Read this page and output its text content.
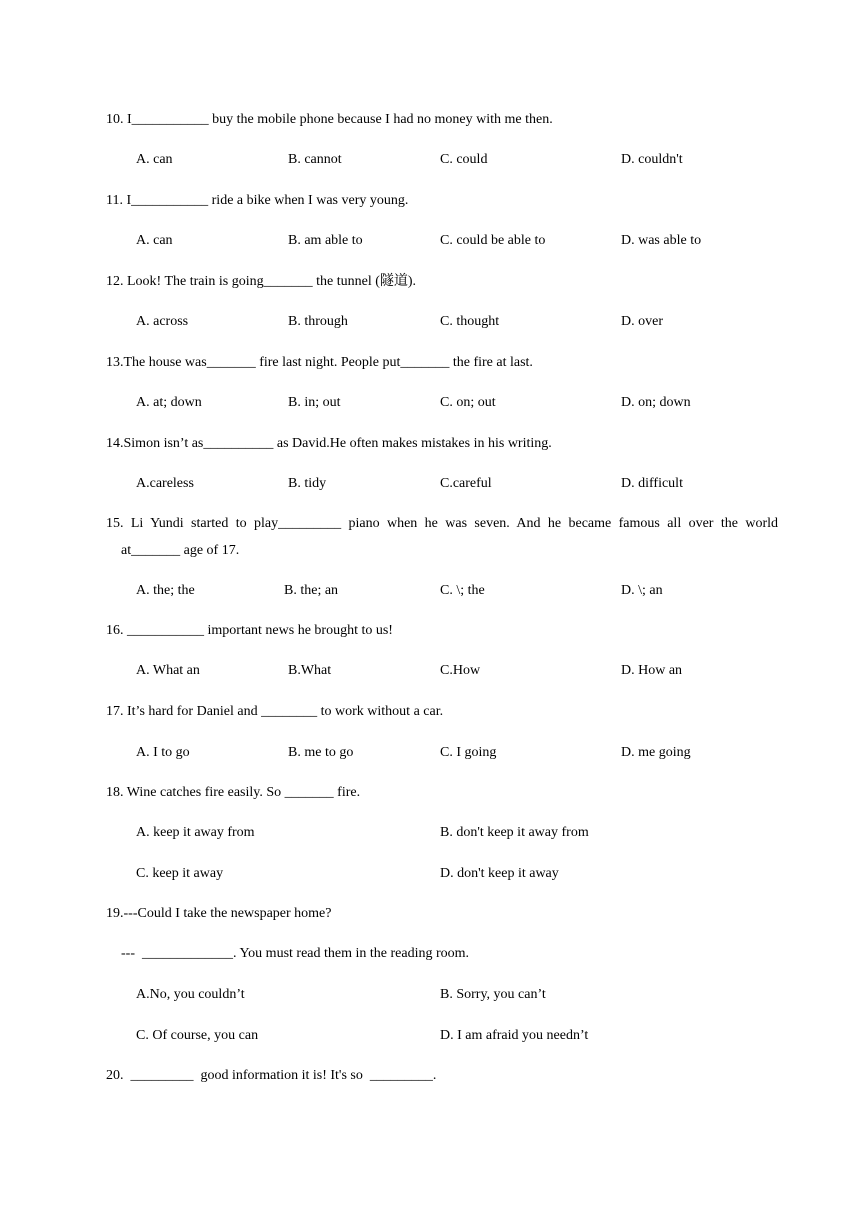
10. I___________ buy the mobile phone because I had no money with me then.
A. can	B. cannot	C. could	D. couldn't
11. I___________ ride a bike when I was very young.
A. can	B. am able to	C. could be able to	D. was able to
12. Look! The train is going_______ the tunnel (隧道).
A. across	B. through	C. thought	D. over
13.The house was_______ fire last night. People put_______ the fire at last.
A. at; down	B. in; out	C. on; out	D. on; down
14.Simon isn’t as__________ as David.He often makes mistakes in his writing.
A.careless	B. tidy	C.careful	D. difficult
15. Li Yundi started to play_________ piano when he was seven. And he became famous all over the world
at_______ age of 17.
A. the; the	B. the; an	C. \; the	D. \; an
16. ___________ important news he brought to us!
A. What an	B.What	C.How	D. How an
17. It’s hard for Daniel and ________ to work without a car.
A. I to go	B. me to go	C. I going	D. me going
18. Wine catches fire easily. So _______ fire.
A. keep it away from	B. don't keep it away from
C. keep it away	D. don't keep it away
19.---Could I take the newspaper home?
---  _____________. You must read them in the reading room.
A.No, you couldn’t	B. Sorry, you can’t
C. Of course, you can	D. I am afraid you needn’t
20.  _________  good information it is! It's so  _________.
